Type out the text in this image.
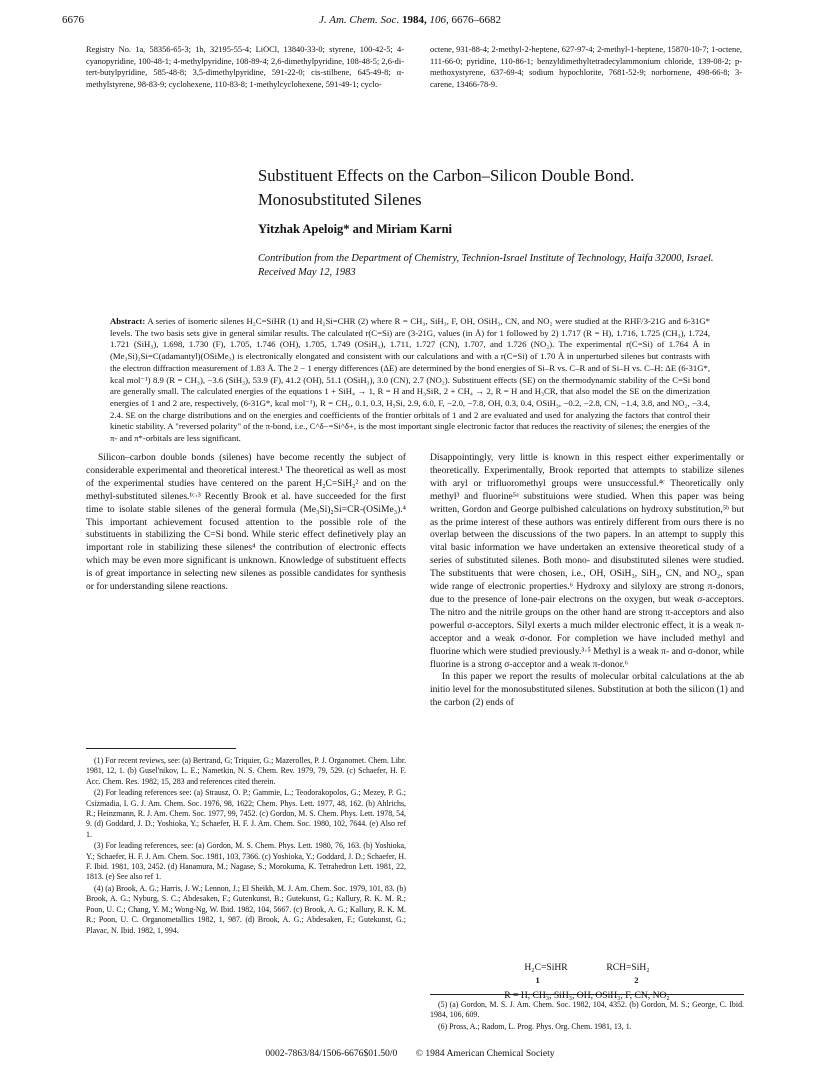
6676	J. Am. Chem. Soc. 1984, 106, 6676–6682
Registry No. 1a, 58356-65-3; 1b, 32195-55-4; LiOCl, 13840-33-0; styrene, 100-42-5; 4-cyanopyridine, 100-48-1; 4-methylpyridine, 108-89-4; 2,6-dimethylpyridine, 108-48-5; 2,6-di-tert-butylpyridine, 585-48-8; 3,5-dimethylpyridine, 591-22-0; cis-stilbene, 645-49-8; α-methylstyrene, 98-83-9; cyclohexene, 110-83-8; 1-methylcyclohexene, 591-49-1; cyclo-
octene, 931-88-4; 2-methyl-2-heptene, 627-97-4; 2-methyl-1-heptene, 15870-10-7; 1-octene, 111-66-0; pyridine, 110-86-1; benzyldimethyltetradecylammonium chloride, 139-08-2; p-methoxystyrene, 637-69-4; sodium hypochlorite, 7681-52-9; norbornene, 498-66-8; 3-carene, 13466-78-9.
Substituent Effects on the Carbon–Silicon Double Bond.
Monosubstituted Silenes
Yitzhak Apeloig* and Miriam Karni
Contribution from the Department of Chemistry, Technion-Israel Institute of Technology, Haifa 32000, Israel. Received May 12, 1983
Abstract: A series of isomeric silenes H₂C=SiHR (1) and H₂Si=CHR (2) where R = CH₃, SiH₃, F, OH, OSiH₃, CN, and NO₂ were studied at the RHF/3-21G and 6-31G* levels. The two basis sets give in general similar results. The calculated r(C=Si) are (3-21G, values (in Å) for 1 followed by 2) 1.717 (R = H), 1.716, 1.725 (CH₃), 1.724, 1.721 (SiH₃), 1.698, 1.730 (F), 1.705, 1.746 (OH), 1.705, 1.749 (OSiH₃), 1.711, 1.727 (CN), 1.707, and 1.726 (NO₂). The experimental r(C=Si) of 1.764 Å in (Me₃Si)₂Si=C(adamantyl)(OSiMe₃) is electronically elongated and consistent with our calculations and with a r(C=Si) of 1.70 Å in unperturbed silenes but contrasts with the electron diffraction measurement of 1.83 Å. The 2 − 1 energy differences (ΔE) are determined by the bond energies of Si–R vs. C–R and of Si–H vs. C–H: ΔE (6-31G*, kcal mol⁻¹) 8.9 (R = CH₃), −3.6 (SiH₃), 53.9 (F), 41.2 (OH), 51.1 (OSiH₃), 3.0 (CN), 2.7 (NO₂). Substituent effects (SE) on the thermodynamic stability of the C=Si bond are generally small. The calculated energies of the equations 1 + SiH₄ → 1, R = H and H₃SiR, 2 + CH₄ → 2, R = H and H₃CR, that also model the SE on the dimerization energies of 1 and 2 are, respectively, (6-31G*, kcal mol⁻¹), R = CH₃, 0.1, 0.3, H₃Si, 2.9, 6.0, F, −2.0, −7.8, OH, 0.3, 0.4, OSiH₃, −0.2, −2.8, CN, −1.4, 3.8, and NO₂, −3.4, 2.4. SE on the charge distributions and on the energies and coefficients of the frontier orbitals of 1 and 2 are evaluated and used for analyzing the factors that control their kinetic stability. A "reversed polarity" of the π-bond, i.e., C^δ−=Si^δ+, is the most important single electronic factor that reduces the reactivity of silenes; the energies of the π- and π*-orbitals are less significant.

Silicon–carbon double bonds (silenes) have become recently the subject of considerable experimental and theoretical interest.¹ The theoretical as well as most of the experimental studies have centered on the parent H₂C=SiH₂² and on the methyl-substituted silenes.¹ᶜ·³ Recently Brook et al. have succeeded for the first time to isolate stable silenes of the general formula (Me₃Si)₂Si=CR-(OSiMe₃).⁴ This important achievement focused attention to the possible role of the substituents in stabilizing the C=Si bond. While steric effect definetively play an important role in stabilizing these silenes⁴ the contribution of electronic effects which may be even more significant is unknown. Knowledge of substituent effects is of great importance in selecting new silenes as possible candidates for synthesis or for understanding silene reactions.

(1) For recent reviews, see: (a) Bertrand, G; Triquier, G.; Mazerolles, P. J. Organomet. Chem. Libr. 1981, 12, 1. (b) Gusel'nikov, L. E.; Nametkin, N. S. Chem. Rev. 1979, 79, 529. (c) Schaefer, H. F. Acc. Chem. Res. 1982, 15, 283 and references cited therein.
(2) For leading references see: (a) Strausz, O. P.; Gammie, L.; Teodorakopolos, G.; Mezey, P. G.; Csizmadia, I. G. J. Am. Chem. Soc. 1976, 98, 1622; Chem. Phys. Lett. 1977, 48, 162. (b) Ahlrichs, R.; Heinzmann, R. J. Am. Chem. Soc. 1977, 99, 7452. (c) Gordon, M. S. Chem. Phys. Lett. 1978, 54, 9. (d) Goddard, J. D.; Yoshioka, Y.; Schaefer, H. F. J. Am. Chem. Soc. 1980, 102, 7644. (e) Also ref 1.
(3) For leading references, see: (a) Gordon, M. S. Chem. Phys. Lett. 1980, 76, 163. (b) Yoshioka, Y.; Schaefer, H. F. J. Am. Chem. Soc. 1981, 103, 7366. (c) Yoshioka, Y.; Goddard, J. D.; Schaefer, H. F. Ibid. 1981, 103, 2452. (d) Hanamura, M.; Nagase, S.; Morokuma, K. Tetrahedron Lett. 1981, 22, 1813. (e) See also ref 1.
(4) (a) Brook, A. G.; Harris, J. W.; Lennon, J.; El Sheikh, M. J. Am. Chem. Soc. 1979, 101, 83. (b) Brook, A. G.; Nyburg, S. C.; Abdesaken, F.; Gutenkunst, B.; Gutekunst, G.; Kallury, R. K. M. R.; Poon, U. C.; Chang, Y. M.; Wong-Ng, W. Ibid. 1982, 104, 5667. (c) Brook, A. G.; Kallury, R. K. M. R.; Poon, U. C. Organometallics 1982, 1, 987. (d) Brook, A. G.; Abdesaken, F.; Gutekunst, G.; Plavac, N. Ibid. 1982, 1, 994.

Disappointingly, very little is known in this respect either experimentally or theoretically. Experimentally, Brook reported that attempts to stabilize silenes with aryl or trifluoromethyl groups were unsuccessful.⁴ᶜ Theoretically only methyl³ and fluorine⁵ᵃ substituions were studied. When this paper was being written, Gordon and George pulbished calculations on hydroxy substitution,⁵ᵇ but as the prime interest of these authors was entirely different from ours there is no overlap between the discussions of the two papers. In an attempt to supply this vital basic information we have undertaken an extensive theoretical study of a series of substituted silenes. Both mono- and disubstituted silenes were studied. The substituents that were chosen, i.e., OH, OSiH₃, SiH₃, CN, and NO₂, span wide range of electronic properties.⁶ Hydroxy and silyloxy are strong π-donors, due to the presence of lone-pair electrons on the oxygen, but weak σ-acceptors. The nitro and the nitrile groups on the other hand are strong π-acceptors and also powerful σ-acceptors. Silyl exerts a much milder electronic effect, it is a weak π-acceptor and a weak σ-donor. For completion we have included methyl and fluorine which were studied previously.³·⁵ Methyl is a weak π- and σ-donor, while fluorine is a strong σ-acceptor and a weak π-donor.⁶

In this paper we report the results of molecular orbital calculations at the ab initio level for the monosubstituted silenes. Substitution at both the silicon (1) and the carbon (2) ends of

H₂C=SiHR	RCH=SiH₂
1	2
R = H, CH₃, SiH₃, OH, OSiH₃, F, CN, NO₂
(5) (a) Gordon, M. S. J. Am. Chem. Soc. 1982, 104, 4352. (b) Gordon, M. S.; George, C. Ibid. 1984, 106, 609.
(6) Pross, A.; Radom, L. Prog. Phys. Org. Chem. 1981, 13, 1.
0002-7863/84/1506-6676$01.50/0 © 1984 American Chemical Society
